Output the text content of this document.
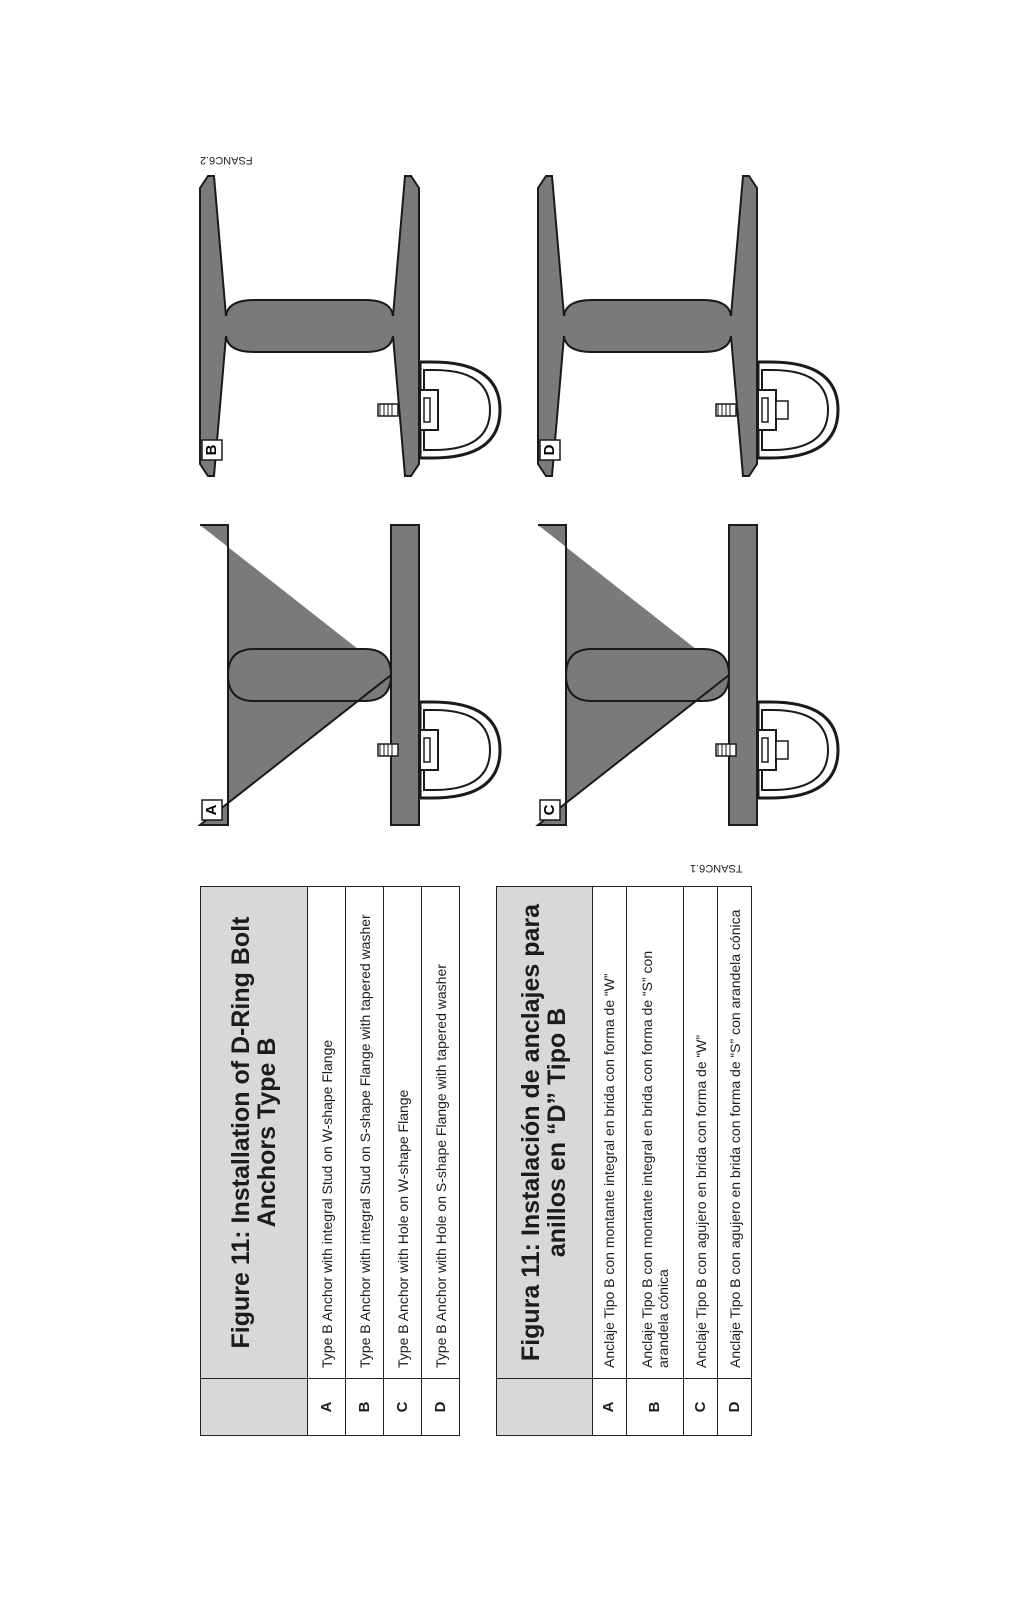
	Figure 11: Installation of D-Ring Bolt Anchors Type B
A	Type B Anchor with integral Stud on W-shape Flange
B	Type B Anchor with integral Stud on S-shape Flange with tapered washer
C	Type B Anchor with Hole on W-shape Flange
D	Type B Anchor with Hole on S-shape Flange with tapered washer
		Figura 11: Instalación de anclajes para anillos en “D” Tipo B
A	Anclaje Tipo B con montante integral en brida con forma de “W”
B	Anclaje Tipo B con montante integral en brida con forma de “S” con arandela cónica
C	Anclaje Tipo B con agujero en brida con forma de “W”
D	Anclaje Tipo B con agujero en brida con forma de “S” con arandela cónica
TSANC6.1
FSANC6.2
A
B
C
D
